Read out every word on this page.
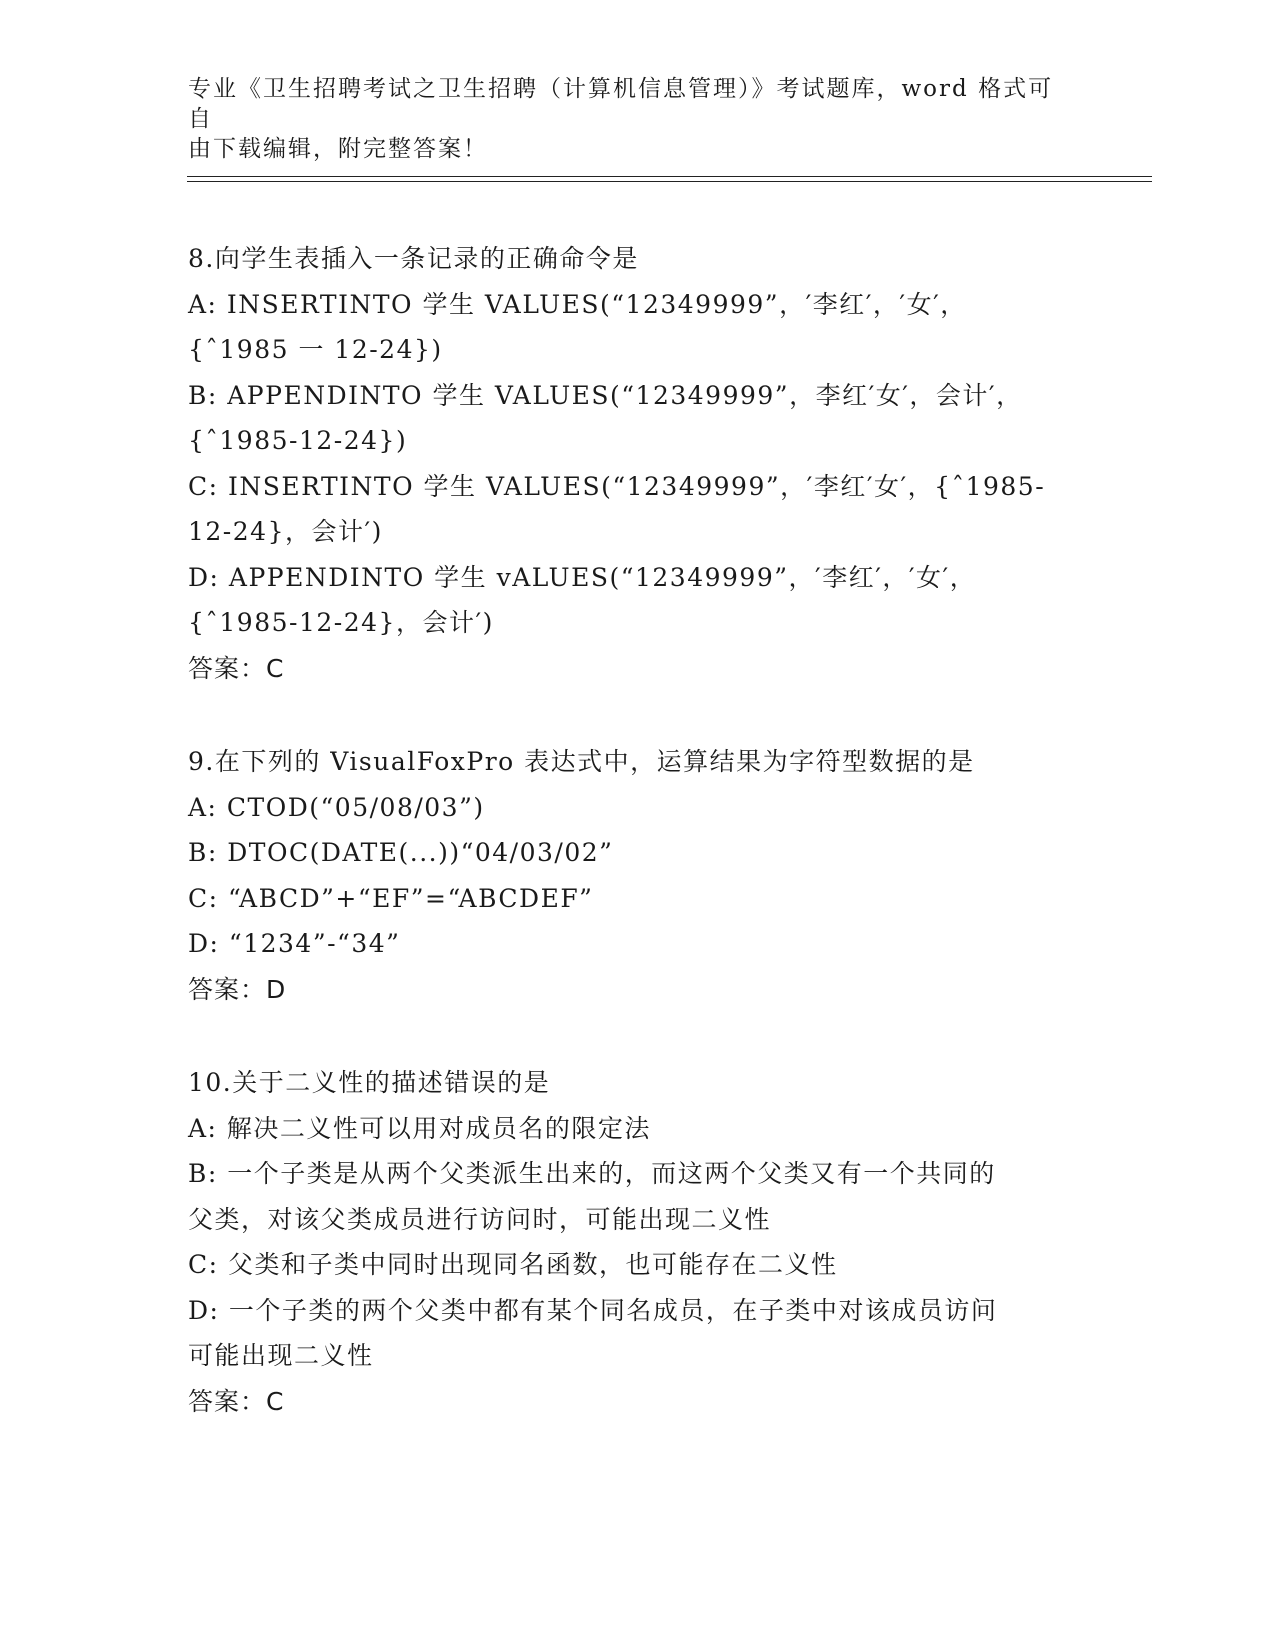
专业《卫生招聘考试之卫生招聘（计算机信息管理）》考试题库，word 格式可自
由下载编辑，附完整答案！
8.向学生表插入一条记录的正确命令是
A: INSERTINTO 学生 VALUES(“12349999”，′李红′，′女′，
{ˆ1985 一 12-24})
B: APPENDINTO 学生 VALUES(“12349999”，李红′女′，会计′，
{ˆ1985-12-24})
C: INSERTINTO 学生 VALUES(“12349999”，′李红′女′，{ˆ1985-
12-24}，会计′)
D: APPENDINTO 学生 vALUES(“12349999”，′李红′，′女′，
{ˆ1985-12-24}，会计′)
答案：C
9.在下列的 VisualFoxPro 表达式中，运算结果为字符型数据的是
A: CTOD(“05/08/03”)
B: DTOC(DATE(...))“04/03/02”
C: “ABCD”+“EF”=“ABCDEF”
D: “1234”-“34”
答案：D
10.关于二义性的描述错误的是
A: 解决二义性可以用对成员名的限定法
B: 一个子类是从两个父类派生出来的，而这两个父类又有一个共同的
父类，对该父类成员进行访问时，可能出现二义性
C: 父类和子类中同时出现同名函数，也可能存在二义性
D: 一个子类的两个父类中都有某个同名成员，在子类中对该成员访问
可能出现二义性
答案：C
